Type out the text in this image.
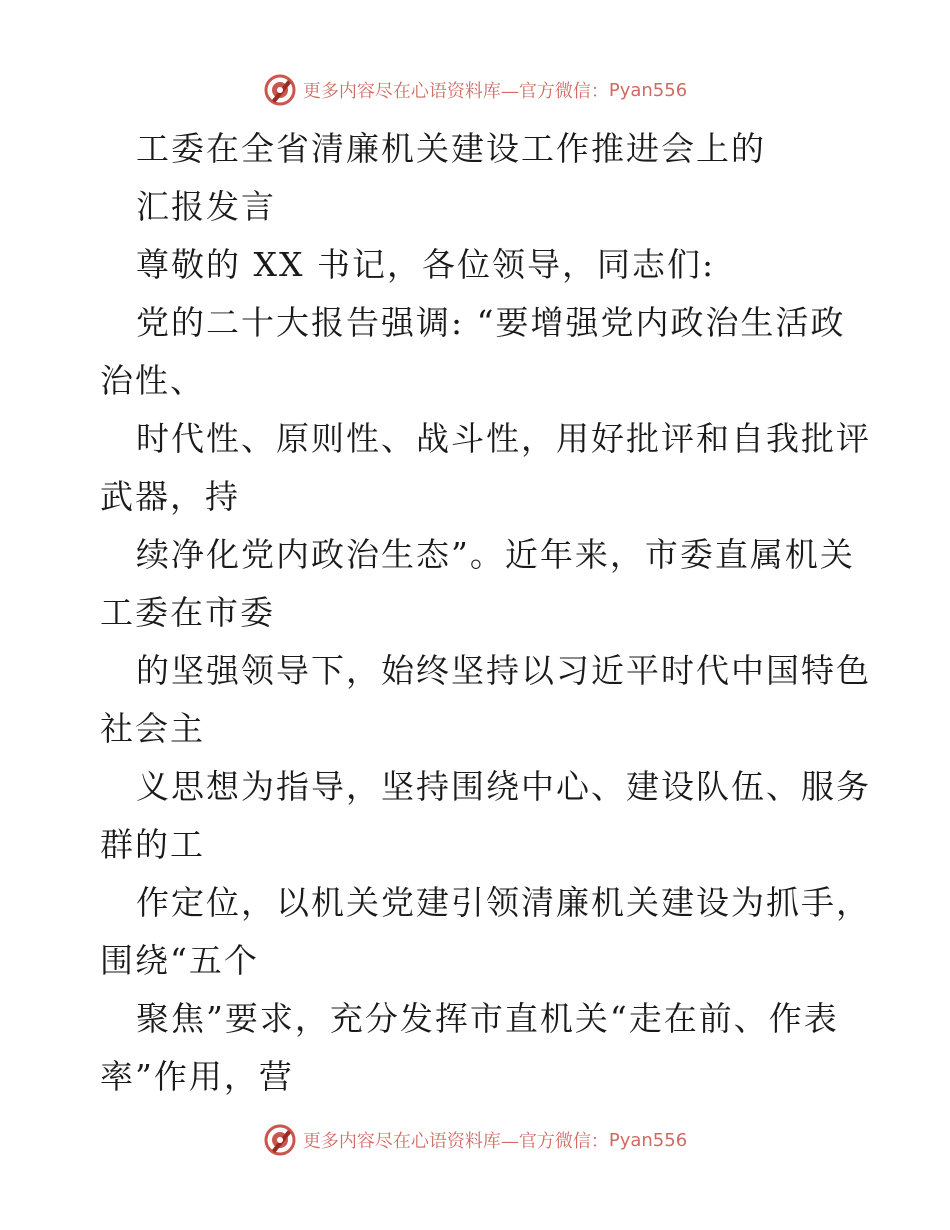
更多内容尽在心语资料库—官方微信： Pyan556
工委在全省清廉机关建设工作推进会上的
汇报发言
尊敬的 XX 书记，各位领导，同志们:
党的二十大报告强调: “要增强党内政治生活政
治性、
时代性、原则性、战斗性，用好批评和自我批评
武器，持
续净化党内政治生态”。近年来，市委直属机关
工委在市委
的坚强领导下，始终坚持以习近平时代中国特色
社会主
义思想为指导，坚持围绕中心、建设队伍、服务
群的工
作定位，以机关党建引领清廉机关建设为抓手，
围绕“五个
聚焦”要求，充分发挥市直机关“走在前、作表
率”作用，营
更多内容尽在心语资料库—官方微信： Pyan556
